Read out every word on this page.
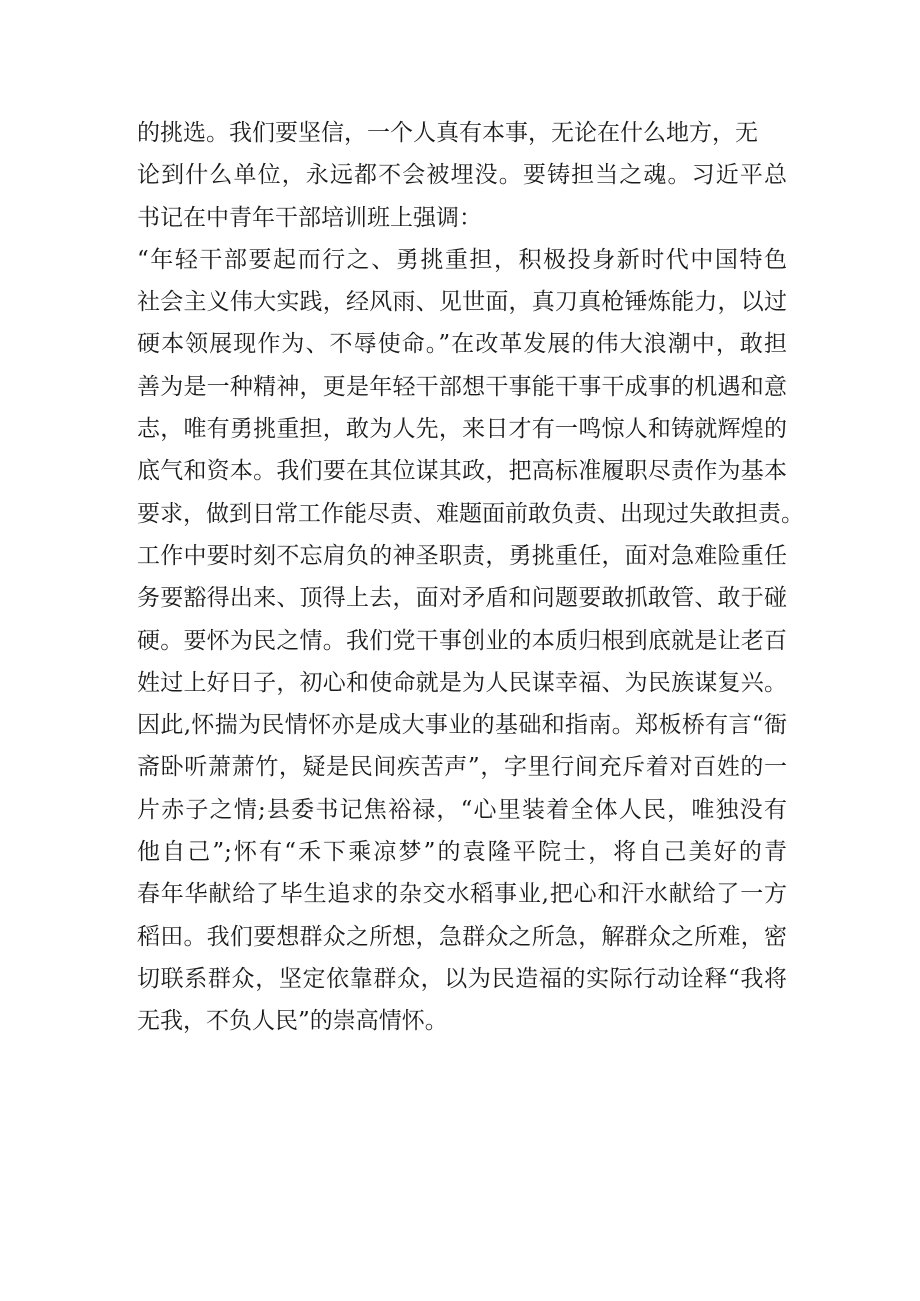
的挑选。我们要坚信，一个人真有本事，无论在什么地方，无
论到什么单位，永远都不会被埋没。要铸担当之魂。习近平总
书记在中青年干部培训班上强调：
“年轻干部要起而行之、勇挑重担，积极投身新时代中国特色
社会主义伟大实践，经风雨、见世面，真刀真枪锤炼能力，以过
硬本领展现作为、不辱使命。”在改革发展的伟大浪潮中，敢担
善为是一种精神，更是年轻干部想干事能干事干成事的机遇和意
志，唯有勇挑重担，敢为人先，来日才有一鸣惊人和铸就辉煌的
底气和资本。我们要在其位谋其政，把高标准履职尽责作为基本
要求，做到日常工作能尽责、难题面前敢负责、出现过失敢担责。
工作中要时刻不忘肩负的神圣职责，勇挑重任，面对急难险重任
务要豁得出来、顶得上去，面对矛盾和问题要敢抓敢管、敢于碰
硬。要怀为民之情。我们党干事创业的本质归根到底就是让老百
姓过上好日子，初心和使命就是为人民谋幸福、为民族谋复兴。
因此,怀揣为民情怀亦是成大事业的基础和指南。郑板桥有言“衙
斋卧听萧萧竹，疑是民间疾苦声”，字里行间充斥着对百姓的一
片赤子之情;县委书记焦裕禄，“心里装着全体人民，唯独没有
他自己”;怀有“禾下乘凉梦”的袁隆平院士，将自己美好的青
春年华献给了毕生追求的杂交水稻事业,把心和汗水献给了一方
稻田。我们要想群众之所想，急群众之所急，解群众之所难，密
切联系群众，坚定依靠群众，以为民造福的实际行动诠释“我将
无我，不负人民”的崇高情怀。
